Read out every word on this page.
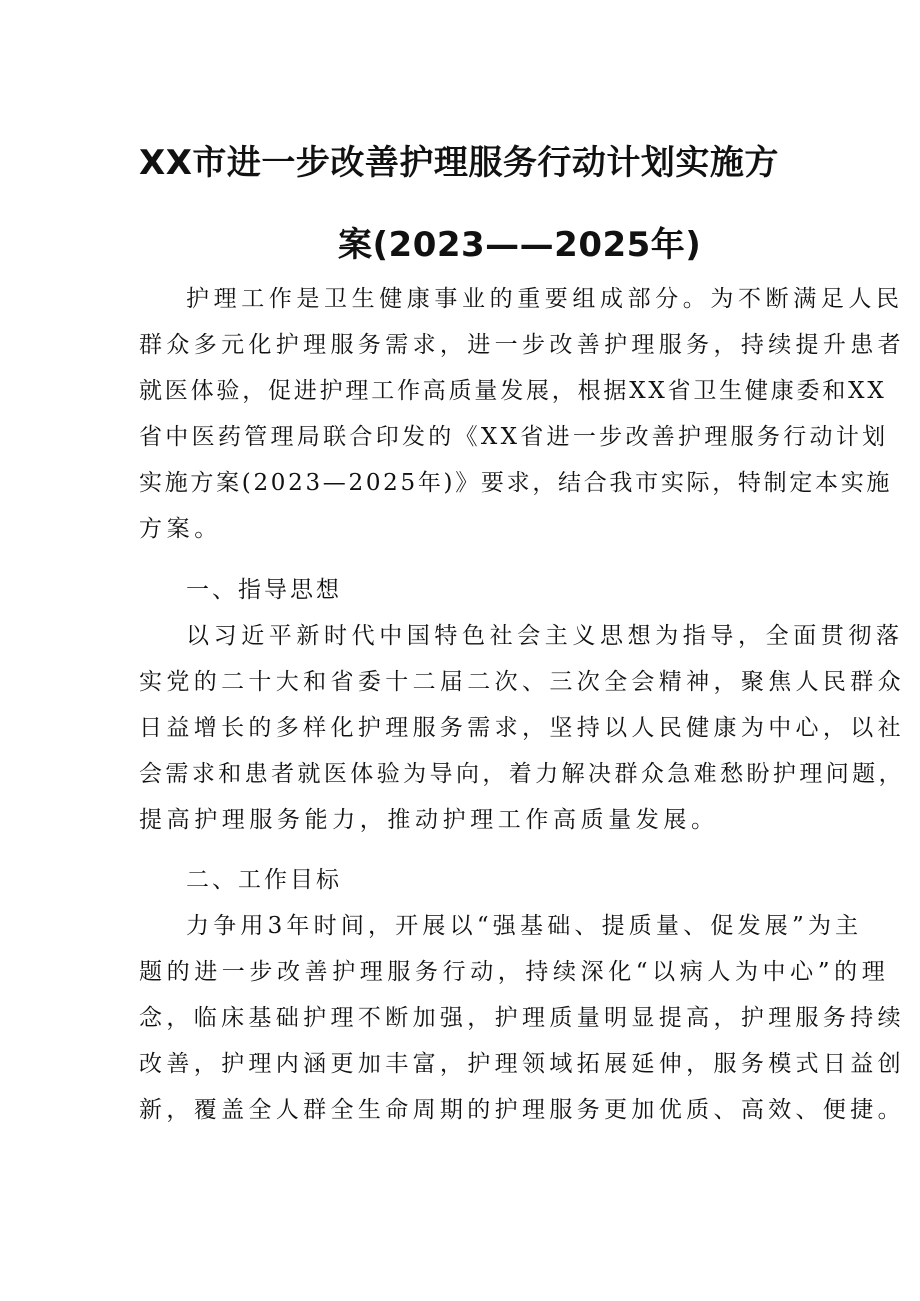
XX市进一步改善护理服务行动计划实施方
案(2023——2025年)
护理工作是卫生健康事业的重要组成部分。为不断满足人民
群众多元化护理服务需求，进一步改善护理服务，持续提升患者
就医体验，促进护理工作高质量发展，根据XX省卫生健康委和XX
省中医药管理局联合印发的《XX省进一步改善护理服务行动计划
实施方案(2023—2025年)》要求，结合我市实际，特制定本实施
方案。
一、指导思想
以习近平新时代中国特色社会主义思想为指导，全面贯彻落
实党的二十大和省委十二届二次、三次全会精神，聚焦人民群众
日益增长的多样化护理服务需求，坚持以人民健康为中心，以社
会需求和患者就医体验为导向，着力解决群众急难愁盼护理问题，
提高护理服务能力，推动护理工作高质量发展。
二、工作目标
力争用3年时间，开展以“强基础、提质量、促发展”为主
题的进一步改善护理服务行动，持续深化“以病人为中心”的理
念，临床基础护理不断加强，护理质量明显提高，护理服务持续
改善，护理内涵更加丰富，护理领域拓展延伸，服务模式日益创
新，覆盖全人群全生命周期的护理服务更加优质、高效、便捷。
